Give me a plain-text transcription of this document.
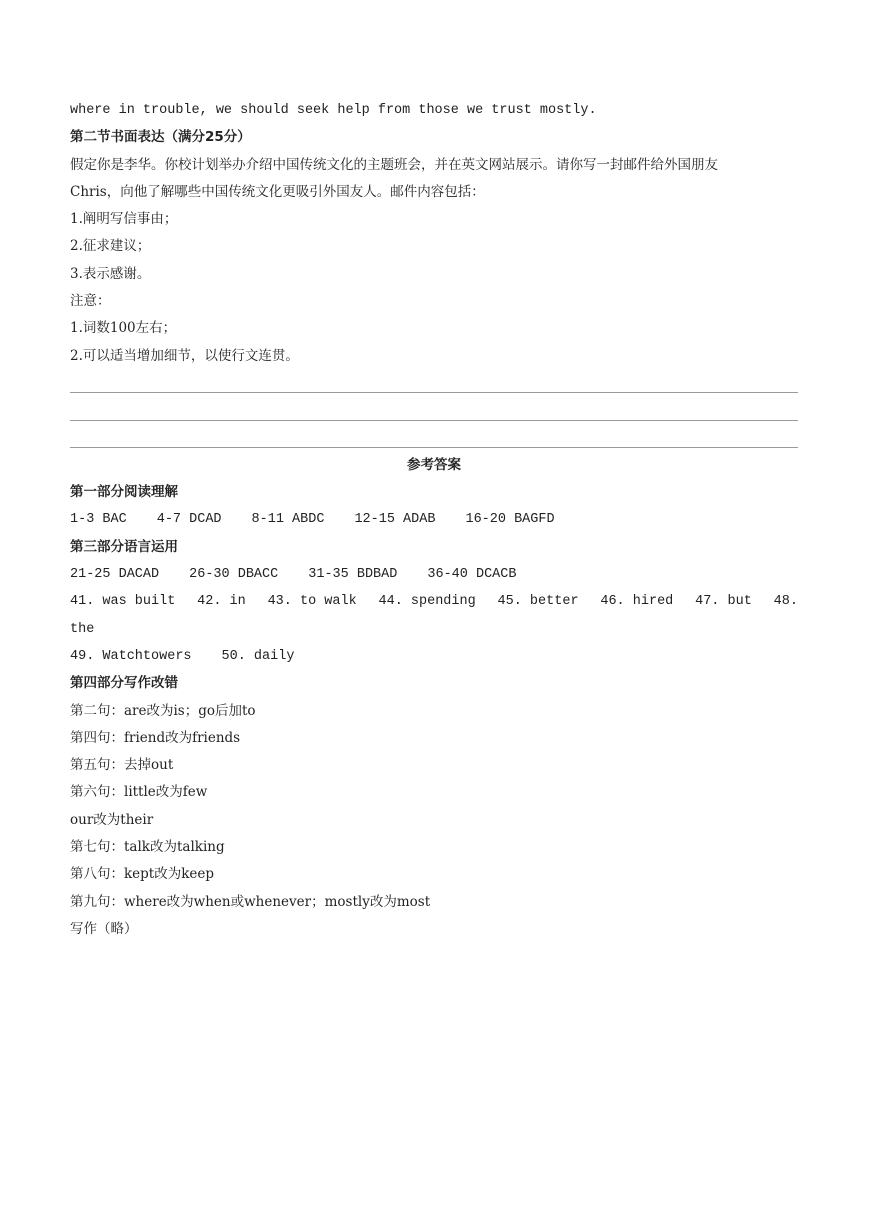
where in trouble, we should seek help from those we trust mostly.
第二节书面表达（满分25分）
假定你是李华。你校计划举办介绍中国传统文化的主题班会，并在英文网站展示。请你写一封邮件给外国朋友
Chris，向他了解哪些中国传统文化更吸引外国友人。邮件内容包括：
1.阐明写信事由；
2.征求建议；
3.表示感谢。
注意：
1.词数100左右；
2.可以适当增加细节，以使行文连贯。
参考答案
第一部分阅读理解
1-3 BAC 4-7 DCAD 8-11 ABDC 12-15 ADAB 16-20 BAGFD
第三部分语言运用
21-25 DACAD 26-30 DBACC 31-35 BDBAD 36-40 DCACB
41. was built 42. in 43. to walk 44. spending 45. better 46. hired 47. but 48.
the
49. Watchtowers 50. daily
第四部分写作改错
第二句：are改为is；go后加to
第四句：friend改为friends
第五句：去掉out
第六句：little改为few
our改为their
第七句：talk改为talking
第八句：kept改为keep
第九句：where改为when或whenever；mostly改为most
写作（略）
